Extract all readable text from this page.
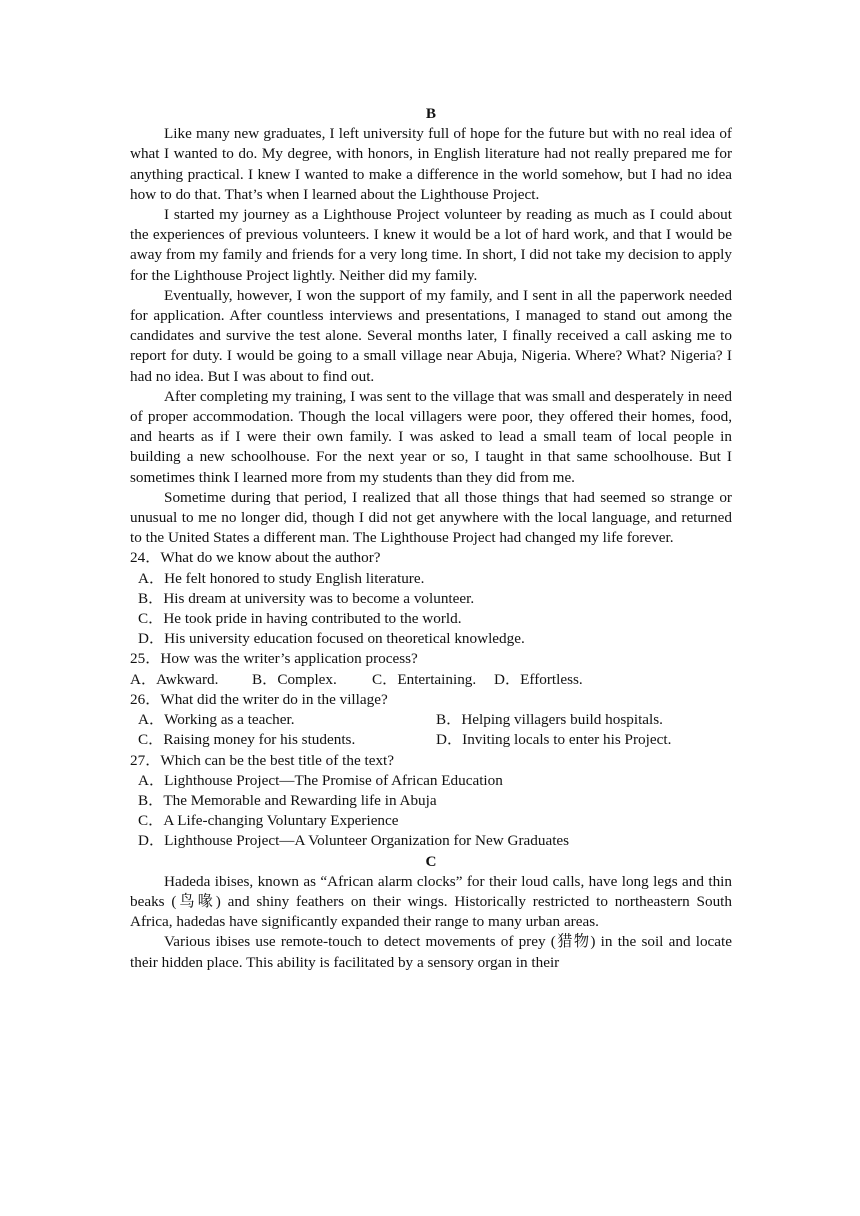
B

Like many new graduates, I left university full of hope for the future but with no real idea of what I wanted to do. My degree, with honors, in English literature had not really prepared me for anything practical. I knew I wanted to make a difference in the world somehow, but I had no idea how to do that. That’s when I learned about the Lighthouse Project.

I started my journey as a Lighthouse Project volunteer by reading as much as I could about the experiences of previous volunteers. I knew it would be a lot of hard work, and that I would be away from my family and friends for a very long time. In short, I did not take my decision to apply for the Lighthouse Project lightly. Neither did my family.

Eventually, however, I won the support of my family, and I sent in all the paperwork needed for application. After countless interviews and presentations, I managed to stand out among the candidates and survive the test alone. Several months later, I finally received a call asking me to report for duty. I would be going to a small village near Abuja, Nigeria. Where? What? Nigeria? I had no idea. But I was about to find out.

After completing my training, I was sent to the village that was small and desperately in need of proper accommodation. Though the local villagers were poor, they offered their homes, food, and hearts as if I were their own family. I was asked to lead a small team of local people in building a new schoolhouse. For the next year or so, I taught in that same schoolhouse. But I sometimes think I learned more from my students than they did from me.

Sometime during that period, I realized that all those things that had seemed so strange or unusual to me no longer did, though I did not get anywhere with the local language, and returned to the United States a different man. The Lighthouse Project had changed my life forever.

24．What do we know about the author?

A．He felt honored to study English literature.

B．His dream at university was to become a volunteer.

C．He took pride in having contributed to the world.

D．His university education focused on theoretical knowledge.

25．How was the writer’s application process?

A．Awkward.	B．Complex.	C．Entertaining.	D．Effortless.

26．What did the writer do in the village?

A．Working as a teacher.	B．Helping villagers build hospitals.
C．Raising money for his students.	D．Inviting locals to enter his Project.

27．Which can be the best title of the text?

A．Lighthouse Project—The Promise of African Education

B．The Memorable and Rewarding life in Abuja

C．A Life-changing Voluntary Experience

D．Lighthouse Project—A Volunteer Organization for New Graduates

C

Hadeda ibises, known as “African alarm clocks” for their loud calls, have long legs and thin beaks (鸟喙) and shiny feathers on their wings. Historically restricted to northeastern South Africa, hadedas have significantly expanded their range to many urban areas.

Various ibises use remote-touch to detect movements of prey (猎物) in the soil and locate their hidden place. This ability is facilitated by a sensory organ in their
